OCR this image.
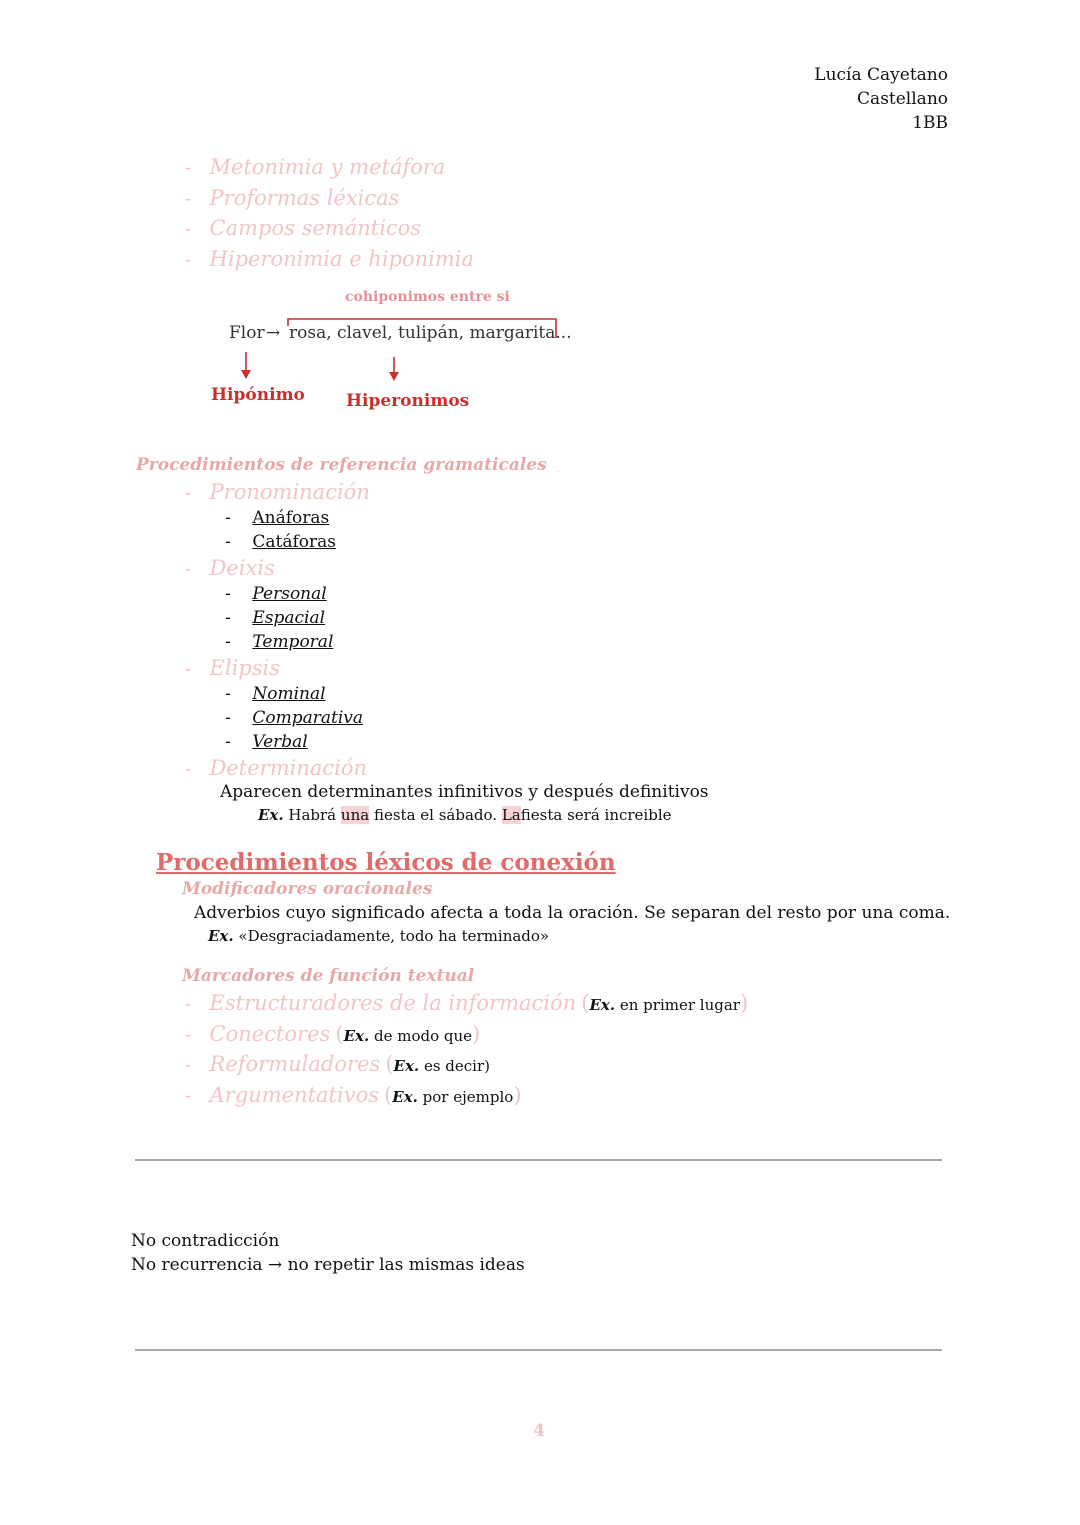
Lucía Cayetano
Castellano
1BB
-   Metonimia y metáfora
-   Proformas léxicas
-   Campos semánticos
-   Hiperonimia e hiponimia
cohiponimos entre si
Flor → rosa, clavel, tulipán, margarita...
Hipónimo Hiperonimos
Procedimientos de referencia gramaticales
-   Pronominación
-    Anáforas
-    Catáforas
-   Deixis
-    Personal
-    Espacial
-    Temporal
-   Elipsis
-    Nominal
-    Comparativa
-    Verbal
-   Determinación
Aparecen determinantes infinitivos y después definitivos
Ex. Habrá una fiesta el sábado. Lafiesta será increible
Procedimientos léxicos de conexión
Modificadores oracionales
Adverbios cuyo significado afecta a toda la oración. Se separan del resto por una coma.
Ex. «Desgraciadamente, todo ha terminado»
Marcadores de función textual
-   Estructuradores de la información (Ex. en primer lugar)
-   Conectores (Ex. de modo que)
-   Reformuladores (Ex. es decir)
-   Argumentativos (Ex. por ejemplo)
No contradicción
No recurrencia → no repetir las mismas ideas
4
